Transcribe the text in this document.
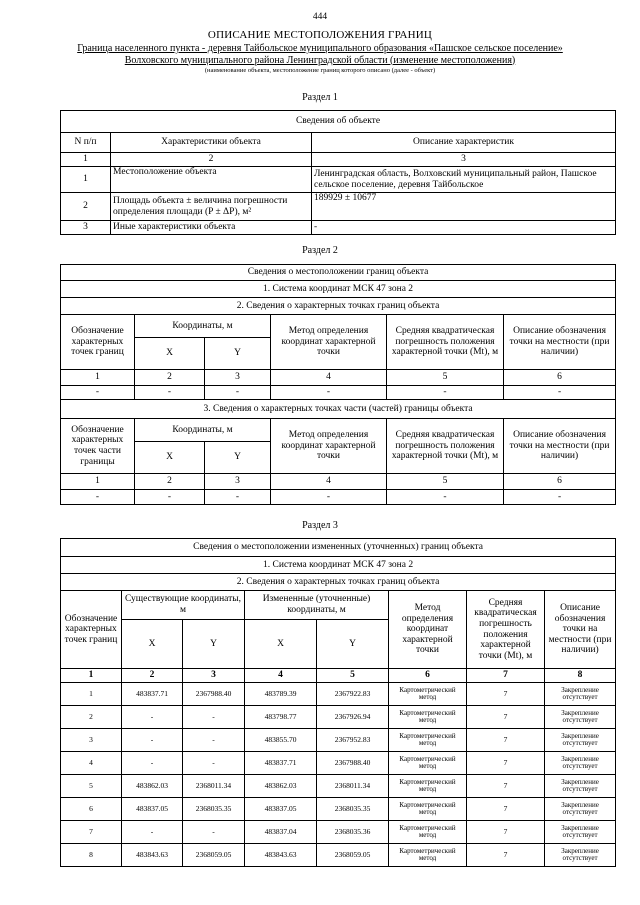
444
ОПИСАНИЕ МЕСТОПОЛОЖЕНИЯ ГРАНИЦ
Граница населенного пункта - деревня Тайбольское муниципального образования «Пашское сельское поселение»
Волховского муниципального района Ленинградской области (изменение местоположения)
(наименование объекта, местоположение границ которого описано (далее - объект)
Раздел 1
Сведения об объекте		
N п/п	Характеристики объекта	Описание характеристик
1	2	3
1	Местоположение объекта	Ленинградская область, Волховский муниципальный район, Пашское сельское поселение, деревня Тайбольское
2	Площадь объекта ± величина погрешности определения площади (P ± ΔP), м²	189929 ± 10677
3	Иные характеристики объекта	-
Раздел 2
Сведения о местоположении границ объекта					
1. Система координат МСК 47 зона 2					
2. Сведения о характерных точках границ объекта					
Обозначение характерных точек границ	Координаты, м		Метод определения координат характерной точки	Средняя квадратическая погрешность положения характерной точки (Mt), м	Описание обозначения точки на местности (при наличии)
	X	Y			
1	2	3	4	5	6
-	-	-	-	-	-
3. Сведения о характерных точках части (частей) границы объекта					
Обозначение характерных точек части границы	Координаты, м		Метод определения координат характерной точки	Средняя квадратическая погрешность положения характерной точки (Mt), м	Описание обозначения точки на местности (при наличии)
	X	Y			
1	2	3	4	5	6
-	-	-	-	-	-
Раздел 3
Сведения о местоположении измененных (уточненных) границ объекта							
1. Система координат МСК 47 зона 2							
2. Сведения о характерных точках границ объекта							
Обозначение характерных точек границ	Существующие координаты, м		Измененные (уточненные) координаты, м		Метод определения координат характерной точки	Средняя квадратическая погрешность положения характерной точки (Mt), м	Описание обозначения точки на местности (при наличии)
	X	Y	X	Y			
1	2	3	4	5	6	7	8
1	483837.71	2367988.40	483789.39	2367922.83	Картометрический метод	7	Закрепление отсутствует
2	-	-	483798.77	2367926.94	Картометрический метод	7	Закрепление отсутствует
3	-	-	483855.70	2367952.83	Картометрический метод	7	Закрепление отсутствует
4	-	-	483837.71	2367988.40	Картометрический метод	7	Закрепление отсутствует
5	483862.03	2368011.34	483862.03	2368011.34	Картометрический метод	7	Закрепление отсутствует
6	483837.05	2368035.35	483837.05	2368035.35	Картометрический метод	7	Закрепление отсутствует
7	-	-	483837.04	2368035.36	Картометрический метод	7	Закрепление отсутствует
8	483843.63	2368059.05	483843.63	2368059.05	Картометрический метод	7	Закрепление отсутствует
